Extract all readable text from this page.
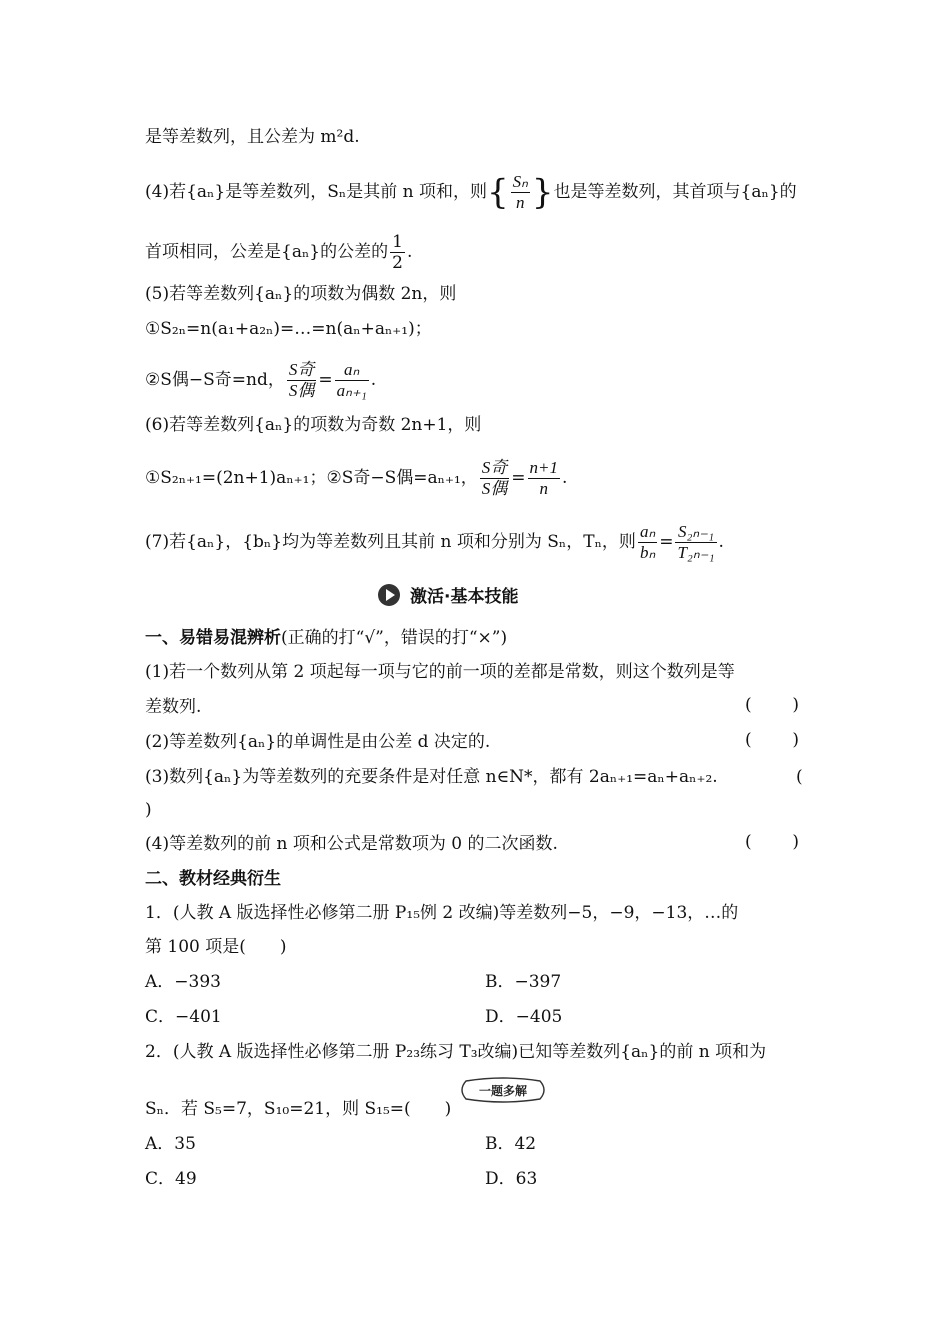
是等差数列，且公差为 m²d.
(4)若{aₙ}是等差数列，Sₙ是其前 n 项和，则{ $\frac{\text{Sₙ}}{n}$ }也是等差数列，其首项与{aₙ}的
首项相同，公差是{aₙ}的公差的 $\frac{1}{2}$ .
(5)若等差数列{aₙ}的项数为偶数 2n，则
①S₂ₙ=n(a₁+a₂ₙ)=…=n(aₙ+aₙ₊₁)；
②S偶−S奇=nd， $\frac{\text{S奇}}{\text{S偶}} = \frac{\text{aₙ}}{\text{aₙ₊₁}}$ .
(6)若等差数列{aₙ}的项数为奇数 2n+1，则
①S₂ₙ₊₁=(2n+1)aₙ₊₁；②S奇−S偶=aₙ₊₁， $\frac{\text{S奇}}{\text{S偶}} = \frac{n+1}{n}$ .
(7)若{aₙ}，{bₙ}均为等差数列且其前 n 项和分别为 Sₙ，Tₙ，则 $\frac{\text{aₙ}}{\text{bₙ}} = \frac{\text{S₂ₙ₋₁}}{\text{T₂ₙ₋₁}}$ .
激活·基本技能
一、易错易混辨析(正确的打“√”，错误的打“×”)
(1)若一个数列从第 2 项起每一项与它的前一项的差都是常数，则这个数列是等
差数列.	( )
(2)等差数列{aₙ}的单调性是由公差 d 决定的.	( )
(3)数列{aₙ}为等差数列的充要条件是对任意 n∈N*，都有 2aₙ₊₁=aₙ+aₙ₊₂.	(
)
(4)等差数列的前 n 项和公式是常数项为 0 的二次函数.	( )
二、教材经典衍生
1．(人教 A 版选择性必修第二册 P₁₅例 2 改编)等差数列−5，−9，−13，…的
第 100 项是(　　)
A．−393	B．−397
C．−401	D．−405
2．(人教 A 版选择性必修第二册 P₂₃练习 T₃改编)已知等差数列{aₙ}的前 n 项和为
Sₙ．若 S₅=7，S₁₀=21，则 S₁₅=(　　)
一题多解
A．35	B．42
C．49	D．63
